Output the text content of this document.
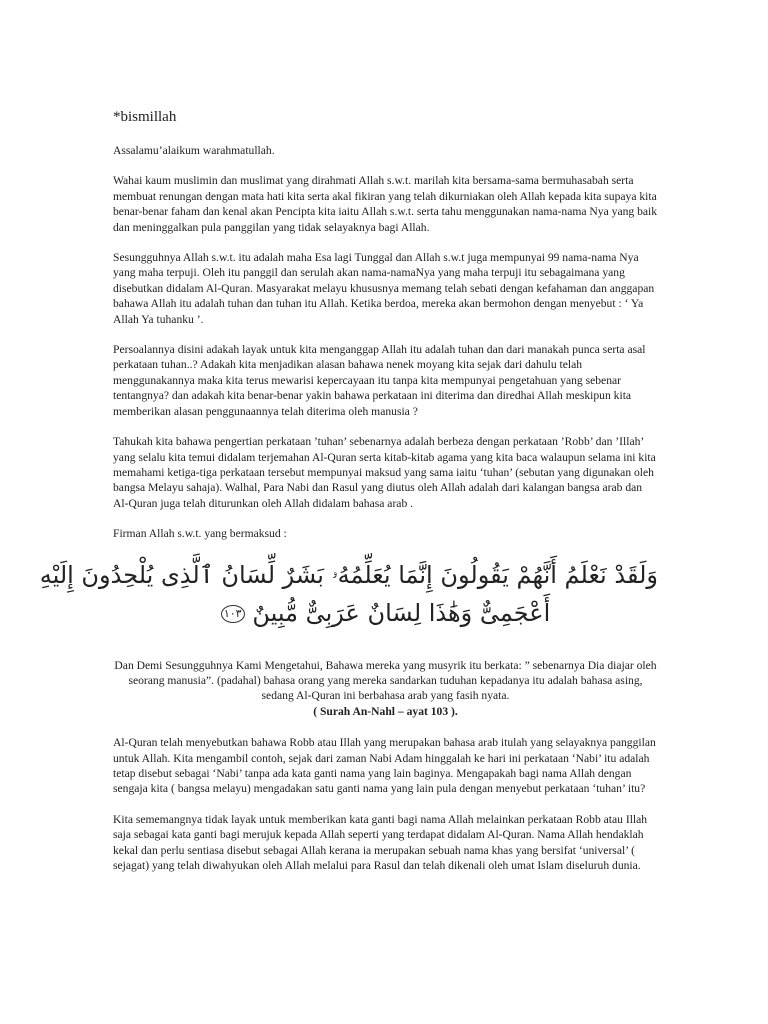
*bismillah

Assalamu’alaikum warahmatullah.

Wahai kaum muslimin dan muslimat yang dirahmati Allah s.w.t. marilah kita bersama-sama bermuhasabah serta membuat renungan dengan mata hati kita serta akal fikiran yang telah dikurniakan oleh Allah kepada kita supaya kita benar-benar faham dan kenal akan Pencipta kita iaitu Allah s.w.t. serta tahu menggunakan nama-nama Nya yang baik dan meninggalkan pula panggilan yang tidak selayaknya bagi Allah.

Sesungguhnya Allah s.w.t. itu adalah maha Esa lagi Tunggal dan Allah s.w.t juga mempunyai 99 nama-nama Nya yang maha terpuji. Oleh itu panggil dan serulah akan nama-namaNya yang maha terpuji itu sebagaimana yang disebutkan didalam Al-Quran. Masyarakat melayu khususnya memang telah sebati dengan kefahaman dan anggapan bahawa Allah itu adalah tuhan dan tuhan itu Allah. Ketika berdoa, mereka akan bermohon dengan menyebut : ‘ Ya Allah Ya tuhanku ’.

Persoalannya disini adakah layak untuk kita menganggap Allah itu adalah tuhan dan dari manakah punca serta asal perkataan tuhan..? Adakah kita menjadikan alasan bahawa nenek moyang kita sejak dari dahulu telah menggunakannya maka kita terus mewarisi kepercayaan itu tanpa kita mempunyai pengetahuan yang sebenar tentangnya? dan adakah kita benar-benar yakin bahawa perkataan ini diterima dan diredhai Allah meskipun kita memberikan alasan penggunaannya telah diterima oleh manusia ?

Tahukah kita bahawa pengertian perkataan ’tuhan’ sebenarnya adalah berbeza dengan perkataan ’Robb’ dan ’Illah’ yang selalu kita temui didalam terjemahan Al-Quran serta kitab-kitab agama yang kita baca walaupun selama ini kita memahami ketiga-tiga perkataan tersebut mempunyai maksud yang sama iaitu ‘tuhan’ (sebutan yang digunakan oleh bangsa Melayu sahaja). Walhal, Para Nabi dan Rasul yang diutus oleh Allah adalah dari kalangan bangsa arab dan Al-Quran juga telah diturunkan oleh Allah didalam bahasa arab .

Firman Allah s.w.t. yang bermaksud :

وَلَقَدْ نَعْلَمُ أَنَّهُمْ يَقُولُونَ إِنَّمَا يُعَلِّمُهُۥ بَشَرٌ لِّسَانُ ٱلَّذِى يُلْحِدُونَ إِلَيْهِ
أَعْجَمِىٌّ وَهَٰذَا لِسَانٌ عَرَبِىٌّ مُّبِينٌ ١٠٣
Dan Demi Sesungguhnya Kami Mengetahui, Bahawa mereka yang musyrik itu berkata: ” sebenarnya Dia diajar oleh seorang manusia”. (padahal) bahasa orang yang mereka sandarkan tuduhan kepadanya itu adalah bahasa asing, sedang Al-Quran ini berbahasa arab yang fasih nyata.
( Surah An-Nahl – ayat 103 ).

Al-Quran telah menyebutkan bahawa Robb atau Illah yang merupakan bahasa arab itulah yang selayaknya panggilan untuk Allah. Kita mengambil contoh, sejak dari zaman Nabi Adam hinggalah ke hari ini perkataan ‘Nabi’ itu adalah tetap disebut sebagai ‘Nabi’ tanpa ada kata ganti nama yang lain baginya. Mengapakah bagi nama Allah dengan sengaja kita ( bangsa melayu) mengadakan satu ganti nama yang lain pula dengan menyebut perkataan ‘tuhan’ itu?

Kita sememangnya tidak layak untuk memberikan kata ganti bagi nama Allah melainkan perkataan Robb atau Illah saja sebagai kata ganti bagi merujuk kepada Allah seperti yang terdapat didalam Al-Quran. Nama Allah hendaklah kekal dan perlu sentiasa disebut sebagai Allah kerana ia merupakan sebuah nama khas yang bersifat ‘universal’ ( sejagat) yang telah diwahyukan oleh Allah melalui para Rasul dan telah dikenali oleh umat Islam diseluruh dunia.
